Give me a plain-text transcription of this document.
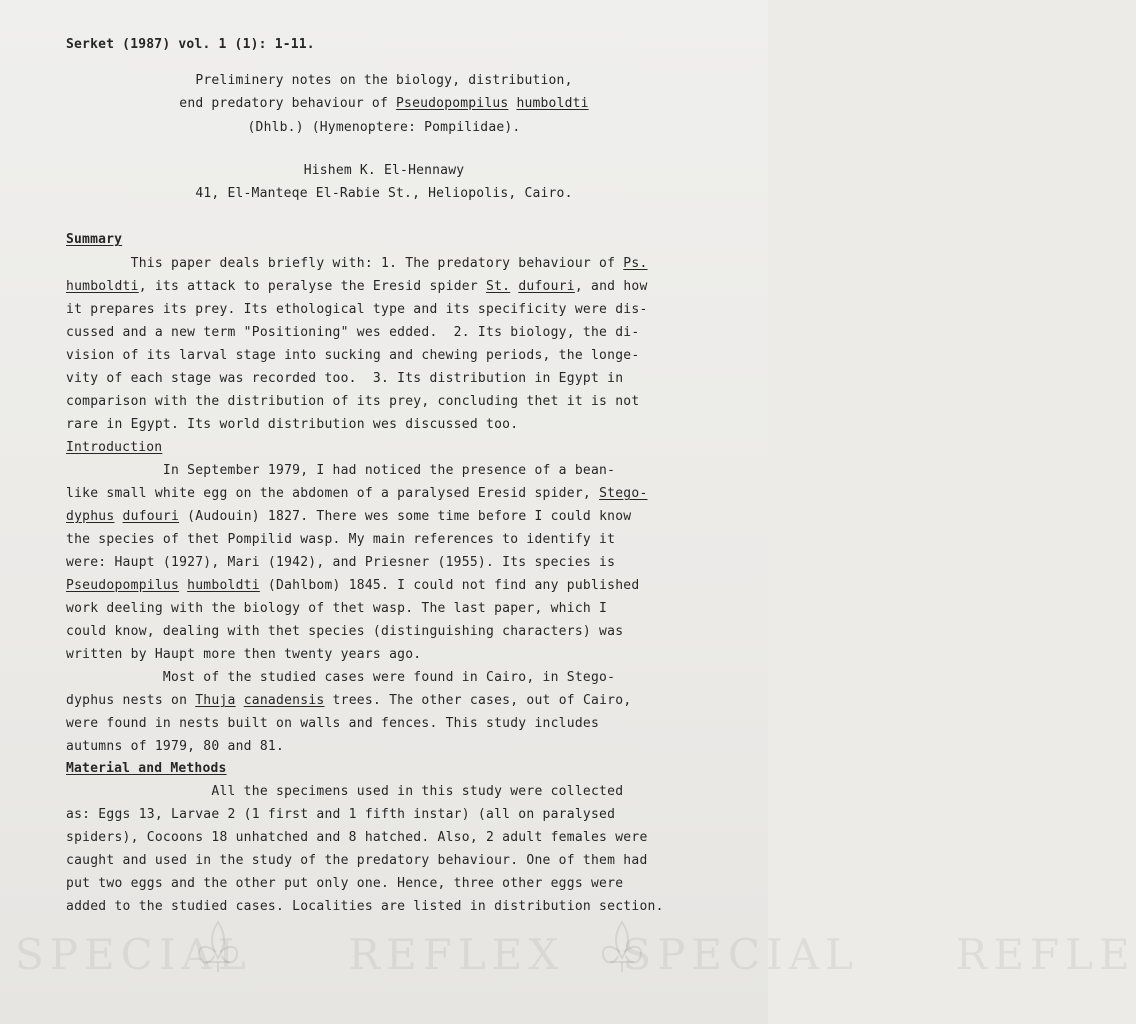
Serket (1987) vol. 1 (1): 1-11.
Preliminery notes on the biology, distribution,
end predatory behaviour of Pseudopompilus humboldti
(Dhlb.) (Hymenoptere: Pompilidae).
Hishem K. El-Hennawy
41, El-Manteqe El-Rabie St., Heliopolis, Cairo.
Summary
This paper deals briefly with: 1. The predatory behaviour of Ps.
humboldti, its attack to peralyse the Eresid spider St. dufouri, and how
it prepares its prey. Its ethological type and its specificity were dis-
cussed and a new term "Positioning" wes edded.  2. Its biology, the di-
vision of its larval stage into sucking and chewing periods, the longe-
vity of each stage was recorded too.  3. Its distribution in Egypt in
comparison with the distribution of its prey, concluding thet it is not
rare in Egypt. Its world distribution wes discussed too.
Introduction
In September 1979, I had noticed the presence of a bean-
like small white egg on the abdomen of a paralysed Eresid spider, Stego-
dyphus dufouri (Audouin) 1827. There wes some time before I could know
the species of thet Pompilid wasp. My main references to identify it
were: Haupt (1927), Mari (1942), and Priesner (1955). Its species is
Pseudopompilus humboldti (Dahlbom) 1845. I could not find any published
work deeling with the biology of thet wasp. The last paper, which I
could know, dealing with thet species (distinguishing characters) was
written by Haupt more then twenty years ago.
Most of the studied cases were found in Cairo, in Stego-
dyphus nests on Thuja canadensis trees. The other cases, out of Cairo,
were found in nests built on walls and fences. This study includes
autumns of 1979, 80 and 81.
Material and Methods
All the specimens used in this study were collected
as: Eggs 13, Larvae 2 (1 first and 1 fifth instar) (all on paralysed
spiders), Cocoons 18 unhatched and 8 hatched. Also, 2 adult females were
caught and used in the study of the predatory behaviour. One of them had
put two eggs and the other put only one. Hence, three other eggs were
added to the studied cases. Localities are listed in distribution section.
SPECIAL     REFLEX   SPECIAL     REFLE
